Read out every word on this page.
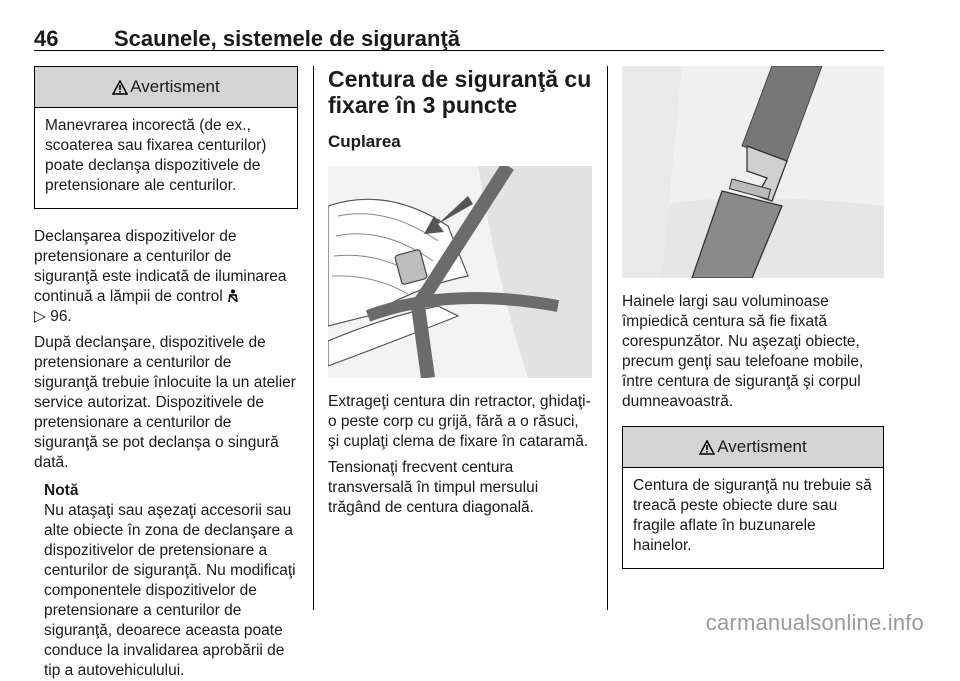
46	Scaunele, sistemele de siguranţă
Avertisment
Manevrarea incorectă (de ex., scoaterea sau fixarea centurilor) poate declanşa dispozitivele de pretensionare ale centurilor.

Declanşarea dispozitivelor de pretensionare a centurilor de siguranţă este indicată de iluminarea continuă a lămpii de control
▷ 96.

După declanşare, dispozitivele de pretensionare a centurilor de siguranţă trebuie înlocuite la un atelier service autorizat. Dispozitivele de pretensionare a centurilor de siguranţă se pot declanşa o singură dată.

Notă

Nu ataşaţi sau aşezaţi accesorii sau alte obiecte în zona de declanşare a dispozitivelor de pretensionare a centurilor de siguranţă. Nu modificaţi componentele dispozitivelor de pretensionare a centurilor de siguranţă, deoarece aceasta poate conduce la invalidarea aprobării de tip a autovehiculului.

Centura de siguranţă cu fixare în 3 puncte
Cuplarea

Extrageţi centura din retractor, ghidaţi-o peste corp cu grijă, fără a o răsuci, şi cuplaţi clema de fixare în cataramă.

Tensionaţi frecvent centura transversală în timpul mersului trăgând de centura diagonală.

Hainele largi sau voluminoase împiedică centura să fie fixată corespunzător. Nu aşezaţi obiecte, precum genţi sau telefoane mobile, între centura de siguranţă şi corpul dumneavoastră.

Avertisment
Centura de siguranţă nu trebuie să treacă peste obiecte dure sau fragile aflate în buzunarele hainelor.
carmanualsonline.info
